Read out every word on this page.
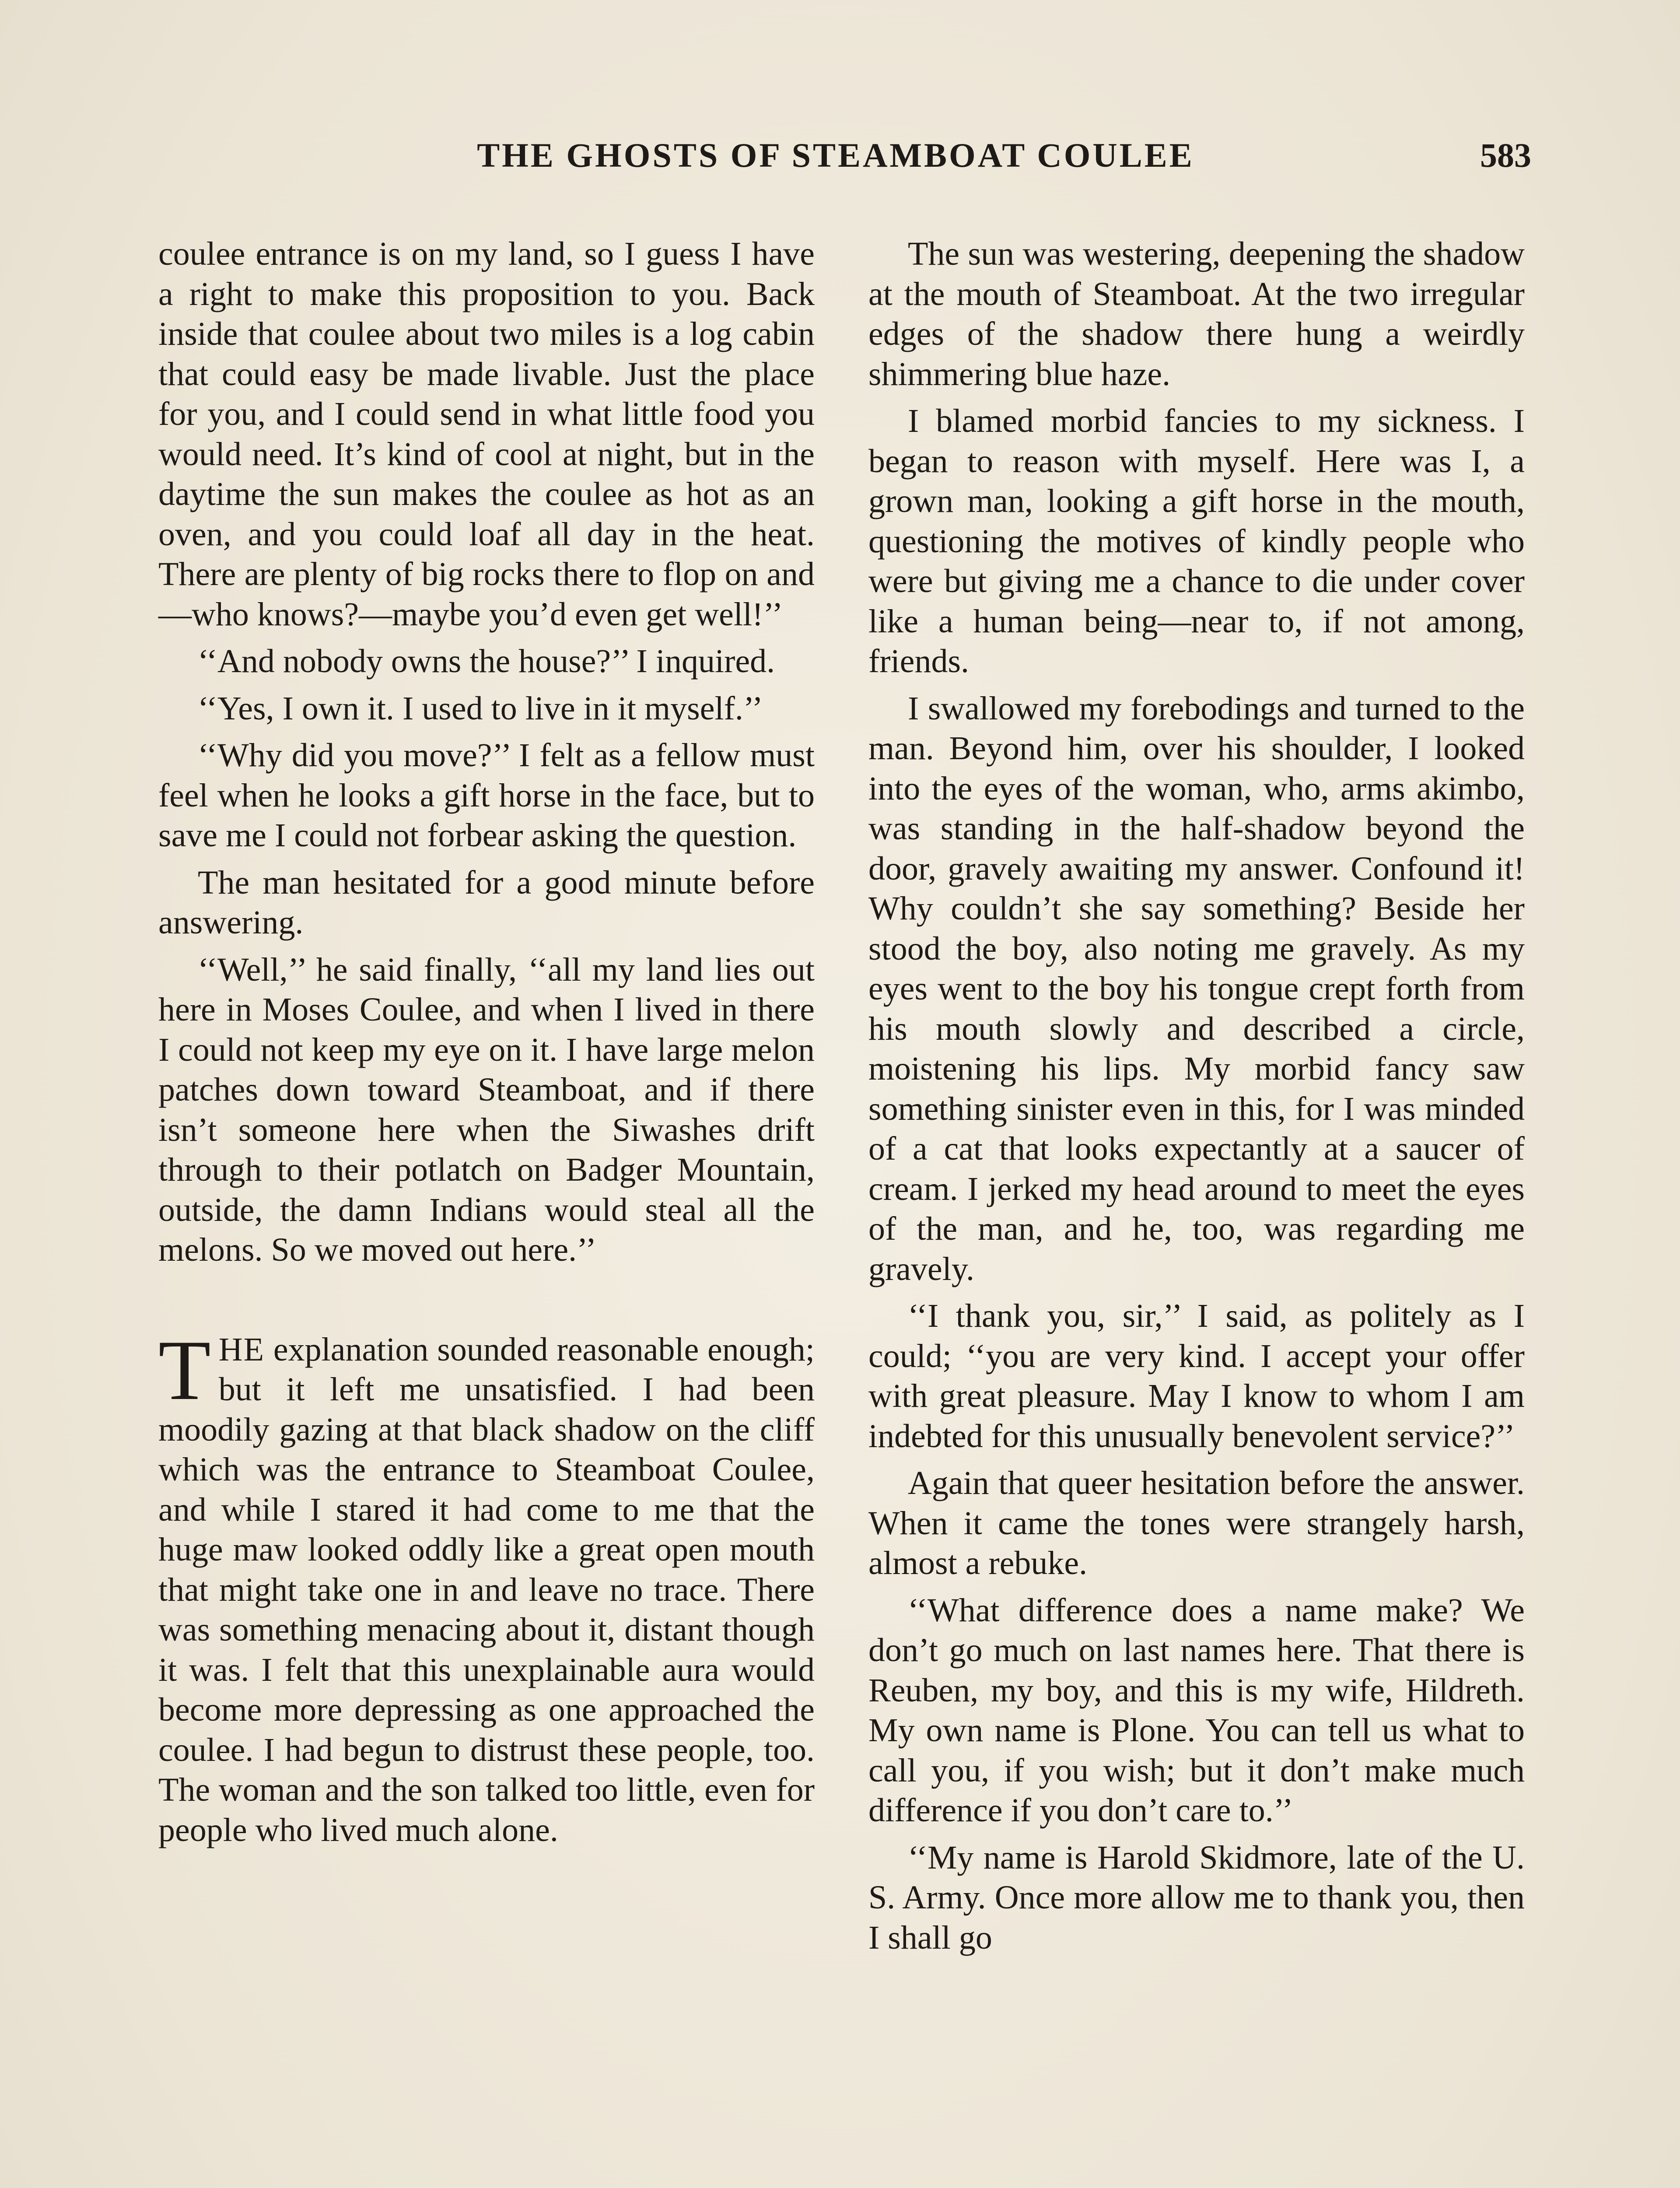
THE GHOSTS OF STEAMBOAT COULEE	583

coulee entrance is on my land, so I guess I have a right to make this proposition to you. Back inside that coulee about two miles is a log cabin that could easy be made livable. Just the place for you, and I could send in what little food you would need. It’s kind of cool at night, but in the daytime the sun makes the coulee as hot as an oven, and you could loaf all day in the heat. There are plenty of big rocks there to flop on and—who knows?—maybe you’d even get well!’’

‘‘And nobody owns the house?’’ I inquired.

‘‘Yes, I own it. I used to live in it myself.’’

‘‘Why did you move?’’ I felt as a fellow must feel when he looks a gift horse in the face, but to save me I could not forbear asking the question.

The man hesitated for a good minute before answering.

‘‘Well,’’ he said finally, ‘‘all my land lies out here in Moses Coulee, and when I lived in there I could not keep my eye on it. I have large melon patches down toward Steamboat, and if there isn’t someone here when the Siwashes drift through to their potlatch on Badger Mountain, outside, the damn Indians would steal all the melons. So we moved out here.’’

THE explanation sounded reasonable enough; but it left me unsatisfied. I had been moodily gazing at that black shadow on the cliff which was the entrance to Steamboat Coulee, and while I stared it had come to me that the huge maw looked oddly like a great open mouth that might take one in and leave no trace. There was something menacing about it, distant though it was. I felt that this unexplainable aura would become more depressing as one approached the coulee. I had begun to distrust these people, too. The woman and the son talked too little, even for people who lived much alone.

The sun was westering, deepening the shadow at the mouth of Steamboat. At the two irregular edges of the shadow there hung a weirdly shimmering blue haze.

I blamed morbid fancies to my sickness. I began to reason with myself. Here was I, a grown man, looking a gift horse in the mouth, questioning the motives of kindly people who were but giving me a chance to die under cover like a human being—near to, if not among, friends.

I swallowed my forebodings and turned to the man. Beyond him, over his shoulder, I looked into the eyes of the woman, who, arms akimbo, was standing in the half-shadow beyond the door, gravely awaiting my answer. Confound it! Why couldn’t she say something? Beside her stood the boy, also noting me gravely. As my eyes went to the boy his tongue crept forth from his mouth slowly and described a circle, moistening his lips. My morbid fancy saw something sinister even in this, for I was minded of a cat that looks expectantly at a saucer of cream. I jerked my head around to meet the eyes of the man, and he, too, was regarding me gravely.

‘‘I thank you, sir,’’ I said, as politely as I could; ‘‘you are very kind. I accept your offer with great pleasure. May I know to whom I am indebted for this unusually benevolent service?’’

Again that queer hesitation before the answer. When it came the tones were strangely harsh, almost a rebuke.

‘‘What difference does a name make? We don’t go much on last names here. That there is Reuben, my boy, and this is my wife, Hildreth. My own name is Plone. You can tell us what to call you, if you wish; but it don’t make much difference if you don’t care to.’’

‘‘My name is Harold Skidmore, late of the U. S. Army. Once more allow me to thank you, then I shall go
